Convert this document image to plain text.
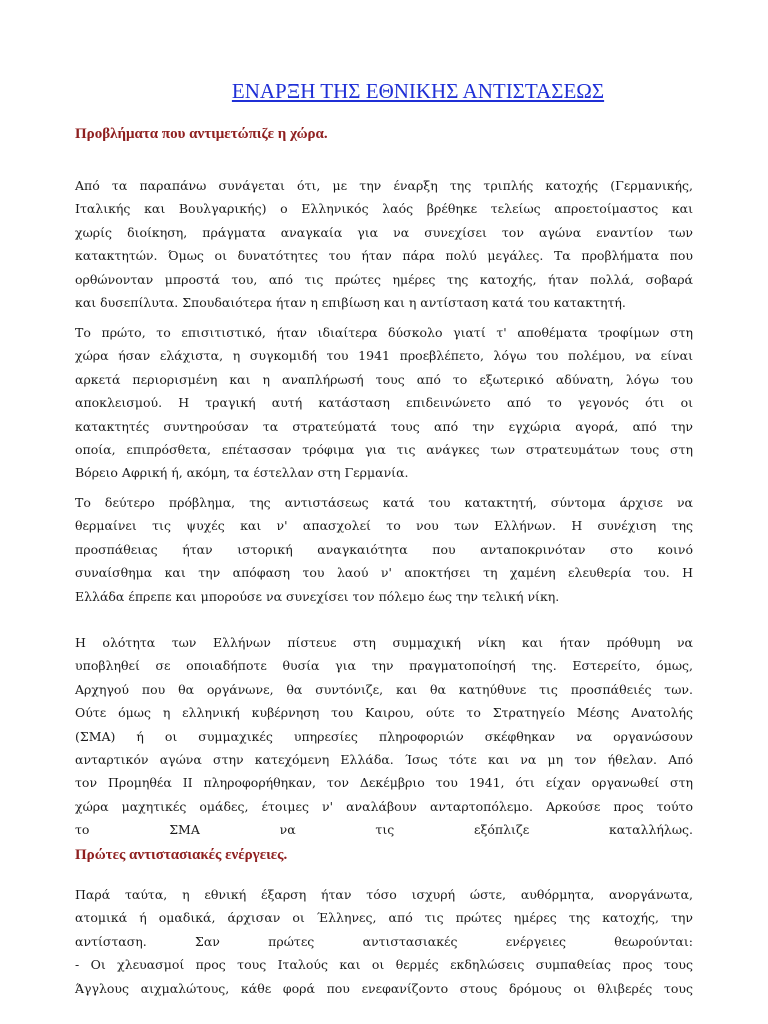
ΕΝΑΡΞΗ ΤΗΣ ΕΘΝΙΚΗΣ ΑΝΤΙΣΤΑΣΕΩΣ
Προβλήματα που αντιμετώπιζε η χώρα.

Από τα παραπάνω συνάγεται ότι, με την έναρξη της τριπλής κατοχής (Γερμανικής,
Ιταλικής και Βουλγαρικής) ο Ελληνικός λαός βρέθηκε τελείως απροετοίμαστος και
χωρίς διοίκηση, πράγματα αναγκαία για να συνεχίσει τον αγώνα εναντίον των
κατακτητών. Όμως οι δυνατότητες του ήταν πάρα πολύ μεγάλες. Τα προβλήματα που
ορθώνονταν μπροστά του, από τις πρώτες ημέρες της κατοχής, ήταν πολλά, σοβαρά
και δυσεπίλυτα. Σπουδαιότερα ήταν η επιβίωση και η αντίσταση κατά του κατακτητή.

Το πρώτο, το επισιτιστικό, ήταν ιδιαίτερα δύσκολο γιατί τ' αποθέματα τροφίμων στη
χώρα ήσαν ελάχιστα, η συγκομιδή του 1941 προεβλέπετο, λόγω του πολέμου, να είναι
αρκετά περιορισμένη και η αναπλήρωσή τους από το εξωτερικό αδύνατη, λόγω του
αποκλεισμού. Η τραγική αυτή κατάσταση επιδεινώνετο από το γεγονός ότι οι
κατακτητές συντηρούσαν τα στρατεύματά τους από την εγχώρια αγορά, από την
οποία, επιπρόσθετα, επέτασσαν τρόφιμα για τις ανάγκες των στρατευμάτων τους στη
Βόρειο Αφρική ή, ακόμη, τα έστελλαν στη Γερμανία.

Το δεύτερο πρόβλημα, της αντιστάσεως κατά του κατακτητή, σύντομα άρχισε να
θερμαίνει τις ψυχές και ν' απασχολεί το νου των Ελλήνων. Η συνέχιση της
προσπάθειας ήταν ιστορική αναγκαιότητα που ανταποκρινόταν στο κοινό
συναίσθημα και την απόφαση του λαού ν' αποκτήσει τη χαμένη ελευθερία του. Η
Ελλάδα έπρεπε και μπορούσε να συνεχίσει τον πόλεμο έως την τελική νίκη.

Η ολότητα των Ελλήνων πίστευε στη συμμαχική νίκη και ήταν πρόθυμη να
υποβληθεί σε οποιαδήποτε θυσία για την πραγματοποίησή της. Εστερείτο, όμως,
Αρχηγού που θα οργάνωνε, θα συντόνιζε, και θα κατηύθυνε τις προσπάθειές των.
Ούτε όμως η ελληνική κυβέρνηση του Καιρου, ούτε το Στρατηγείο Μέσης Ανατολής
(ΣΜΑ) ή οι συμμαχικές υπηρεσίες πληροφοριών σκέφθηκαν να οργανώσουν
ανταρτικόν αγώνα στην κατεχόμενη Ελλάδα. Ίσως τότε και να μη τον ήθελαν. Από
τον Προμηθέα ΙΙ πληροφορήθηκαν, τον Δεκέμβριο του 1941, ότι είχαν οργανωθεί στη
χώρα μαχητικές ομάδες, έτοιμες ν' αναλάβουν ανταρτοπόλεμο. Αρκούσε προς τούτο
το ΣΜΑ να τις εξόπλιζε καταλλήλως.

Πρώτες αντιστασιακές ενέργειες.

Παρά ταύτα, η εθνική έξαρση ήταν τόσο ισχυρή ώστε, αυθόρμητα, ανοργάνωτα,
ατομικά ή ομαδικά, άρχισαν οι Έλληνες, από τις πρώτες ημέρες της κατοχής, την
αντίσταση. Σαν πρώτες αντιστασιακές ενέργειες θεωρούνται:
- Οι χλευασμοί προς τους Ιταλούς και οι θερμές εκδηλώσεις συμπαθείας προς τους
Άγγλους αιχμαλώτους, κάθε φορά που ενεφανίζοντο στους δρόμους οι θλιβερές τους
